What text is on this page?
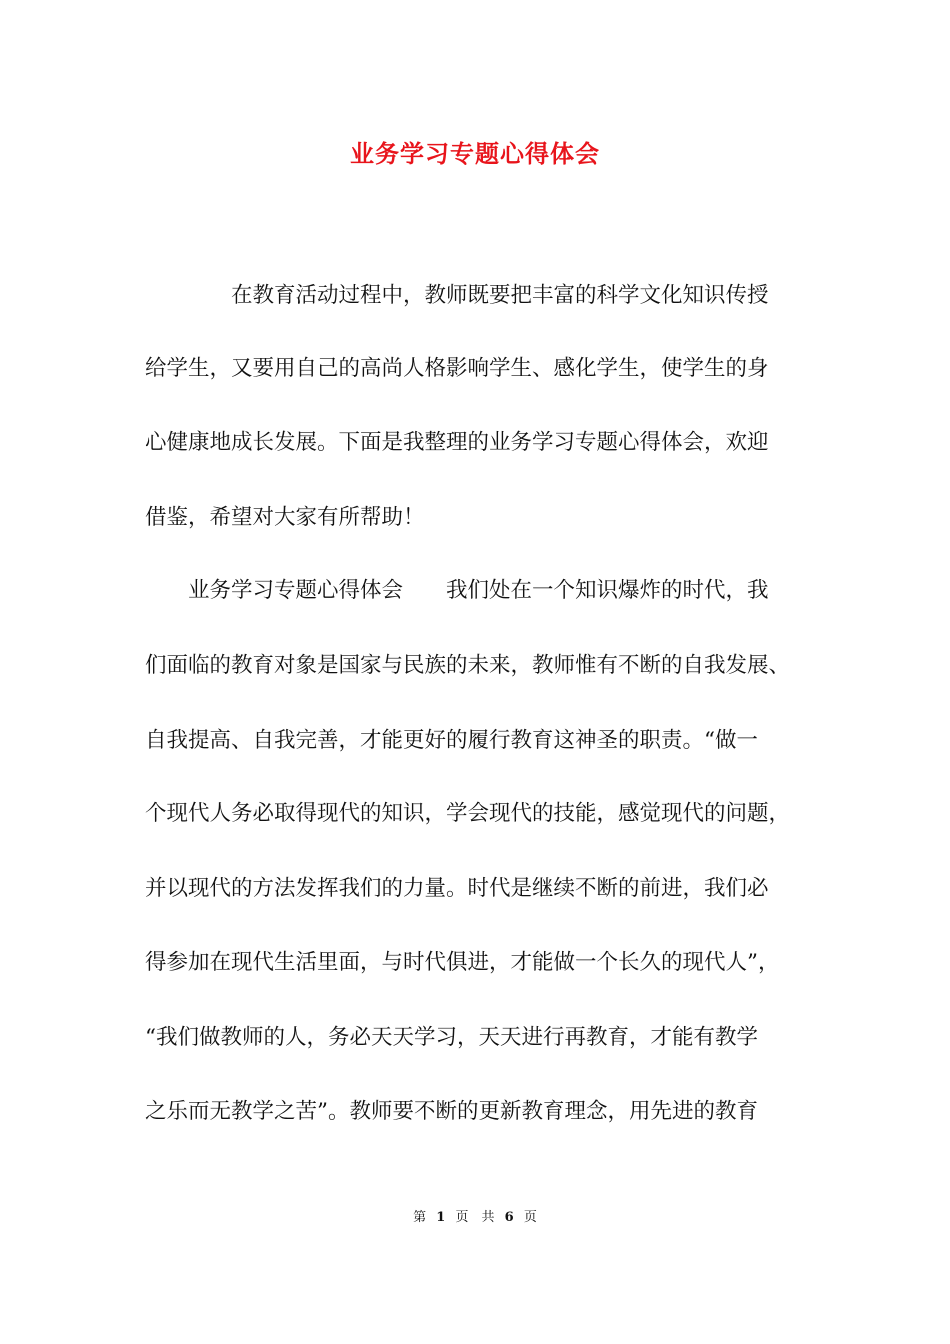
业务学习专题心得体会
　　　　在教育活动过程中，教师既要把丰富的科学文化知识传授
给学生，又要用自己的高尚人格影响学生、感化学生，使学生的身
心健康地成长发展。下面是我整理的业务学习专题心得体会，欢迎
借鉴，希望对大家有所帮助！
　　业务学习专题心得体会　　我们处在一个知识爆炸的时代，我
们面临的教育对象是国家与民族的未来，教师惟有不断的自我发展、
自我提高、自我完善，才能更好的履行教育这神圣的职责。“做一
个现代人务必取得现代的知识，学会现代的技能，感觉现代的问题，
并以现代的方法发挥我们的力量。时代是继续不断的前进，我们必
得参加在现代生活里面，与时代俱进，才能做一个长久的现代人”，
“我们做教师的人，务必天天学习，天天进行再教育，才能有教学
之乐而无教学之苦”。教师要不断的更新教育理念，用先进的教育
第 1 页　共 6 页
